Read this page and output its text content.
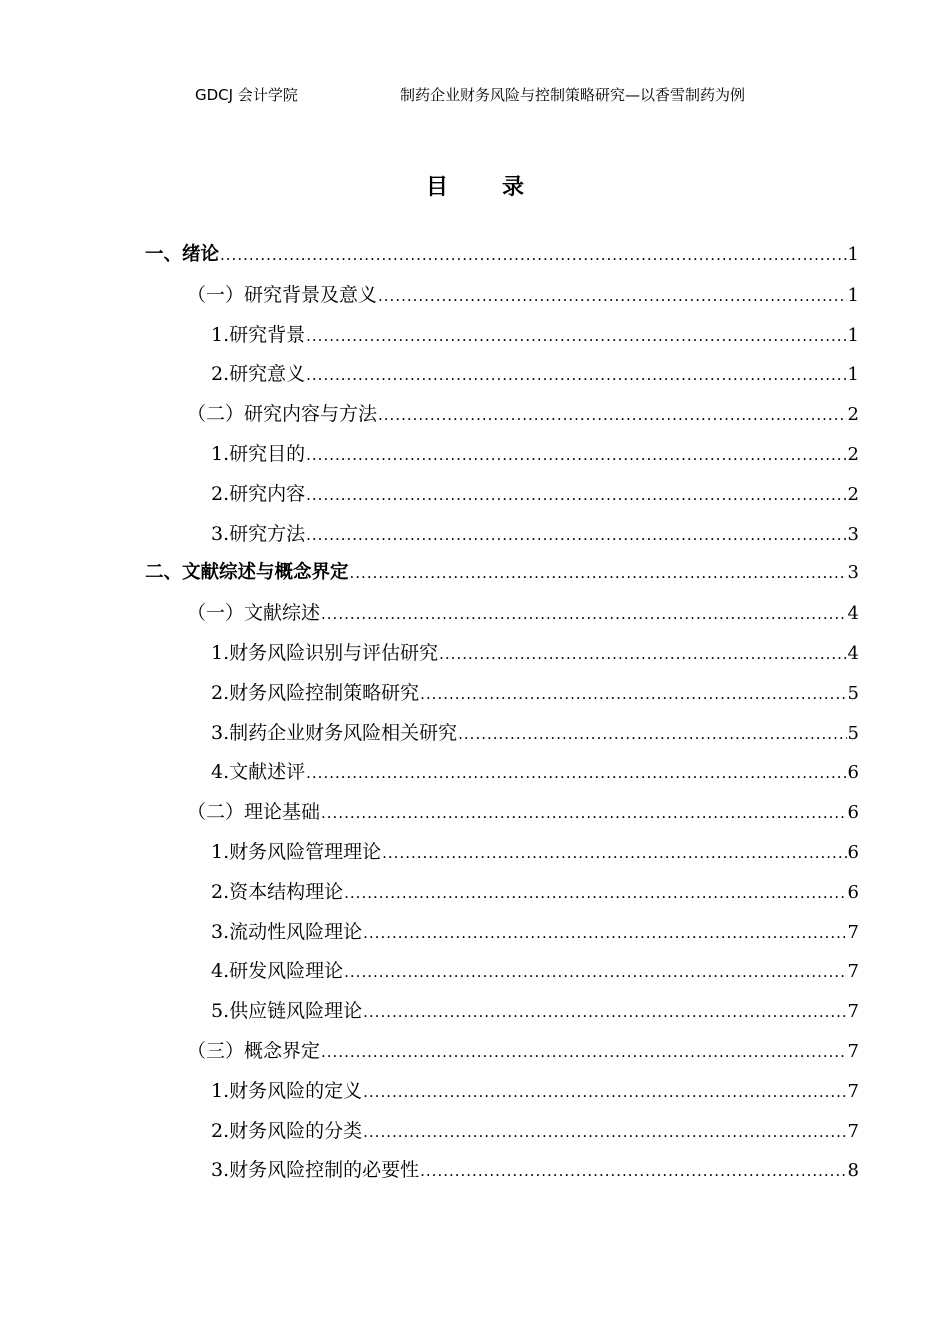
GDCJ 会计学院	制药企业财务风险与控制策略研究—以香雪制药为例
目录
一、绪论 .....	1
（一）研究背景及意义 .....	1
1.研究背景 .....	1
2.研究意义 .....	1
（二）研究内容与方法 .....	2
1.研究目的 .....	2
2.研究内容 .....	2
3.研究方法 .....	3
二、文献综述与概念界定 .....	3
（一）文献综述 .....	4
1.财务风险识别与评估研究 .....	4
2.财务风险控制策略研究 .....	5
3.制药企业财务风险相关研究 .....	5
4.文献述评 .....	6
（二）理论基础 .....	6
1.财务风险管理理论 .....	6
2.资本结构理论 .....	6
3.流动性风险理论 .....	7
4.研发风险理论 .....	7
5.供应链风险理论 .....	7
（三）概念界定 .....	7
1.财务风险的定义 .....	7
2.财务风险的分类 .....	7
3.财务风险控制的必要性 .....	8
